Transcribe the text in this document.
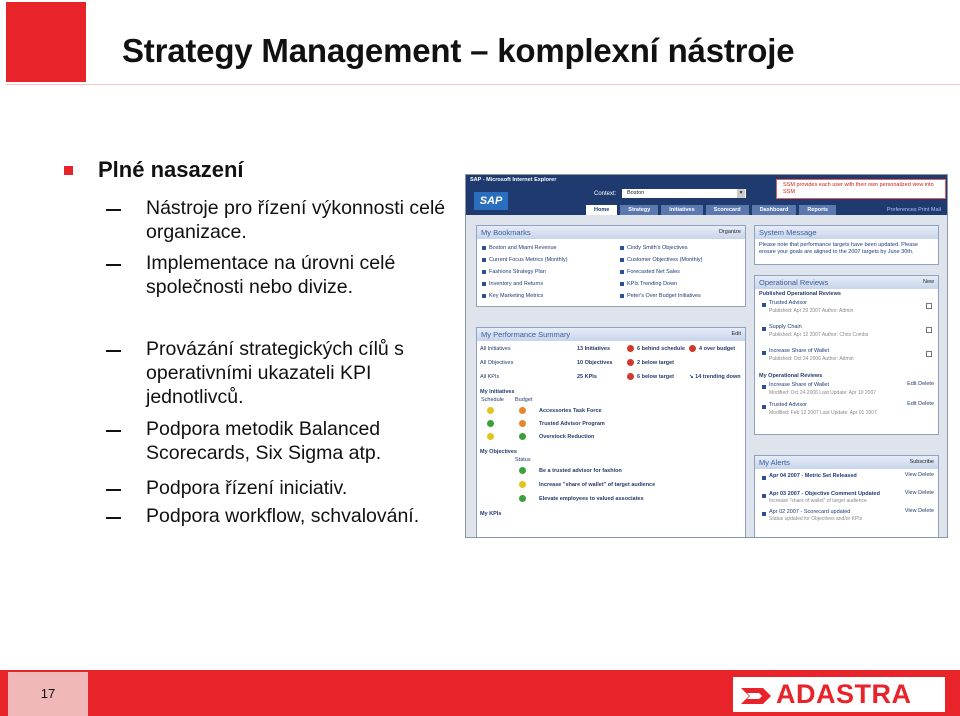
Strategy Management – komplexní nástroje
Plné nasazení
Nástroje pro řízení výkonnosti celé organizace.
Implementace na úrovni celé společnosti nebo divize.
Provázání strategických cílů s operativními ukazateli KPI jednotlivců.
Podpora metodik Balanced Scorecards, Six Sigma atp.
Podpora řízení iniciativ.
Podpora workflow, schvalování.
SAP - Microsoft Internet Explorer
SAP
Context:	Boston ▾
Home	Strategy	Initiatives	Scorecard	Dashboard	Reports	Preferences Print Mail
SSM provides each user with their own personalized view into SSM
My Bookmarks	Organize
Boston and Miami Revenue
Current Focus Metrics (Monthly)
Fashions Strategy Plan
Inventory and Returns
Key Marketing Metrics
Cindy Smith's Objectives
Customer Objectives (Monthly)
Forecasted Net Sales
KPIs Trending Down
Peter's Over Budget Initiatives
System Message
Please note that performance targets have been updated. Please ensure your goals are aligned to the 2007 targets by June 30th.
Operational Reviews	New
Published Operational Reviews
Trusted Advisor
Published: Apr 29 2007 Author: Admin
Supply Chain
Published: Apr 12 2007 Author: Chris Combs
Increase Share of Wallet
Published: Oct 24 2006 Author: Admin
My Operational Reviews
Increase Share of Wallet
Modified: Oct 24 2006 Last Update: Apr 10 2007
Edit Delete
Trusted Advisor
Modified: Feb 12 2007 Last Update: Apr 01 2007
Edit Delete
My Performance Summary	Edit
All Initiatives	13 Initiatives	6 behind schedule	4 over budget
All Objectives	10 Objectives	2 below target
All KPIs	25 KPIs	6 below target	↘ 14 trending down
My Initiatives
Schedule Budget
Accessories Task Force
Trusted Advisor Program
Overstock Reduction
My Objectives
Status
Be a trusted advisor for fashion
Increase "share of wallet" of target audience
Elevate employees to valued associates
My KPIs
My Alerts	Subscribe
Apr 04 2007 - Metric Set Released	View Delete
Apr 03 2007 - Objective Comment Updated
Increase "share of wallet" of target audience
View Delete
Apr 02 2007 - Scorecard updated
Status updated for Objectives and/or KPIs
View Delete
17	ADASTRA
